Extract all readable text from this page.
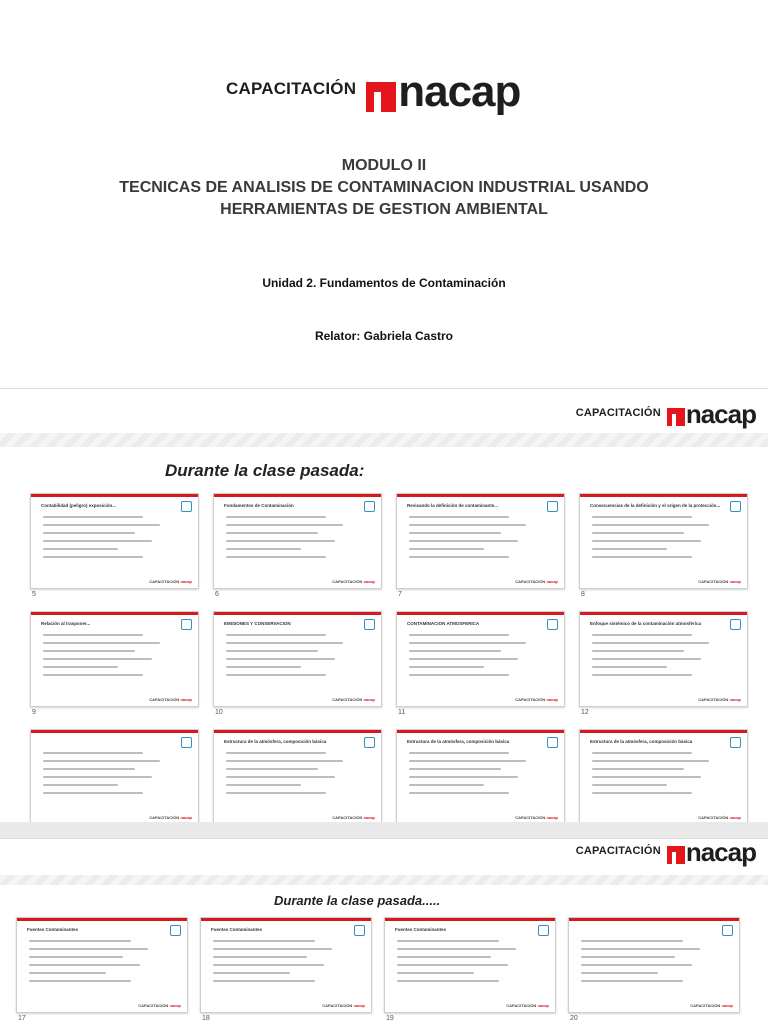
CAPACITACIÓN nacap
MODULO II
TECNICAS DE ANALISIS DE CONTAMINACION INDUSTRIAL USANDO
HERRAMIENTAS DE GESTION AMBIENTAL
Unidad 2. Fundamentos de Contaminación
Relator: Gabriela Castro
CAPACITACIÓN nacap
Durante la clase pasada:
Contabilidad (peligro) exposición...
CAPACITACIÓN nacap
5
Fundamentos de Contaminación
CAPACITACIÓN nacap
6
Revisando la definición de contaminante...
CAPACITACIÓN nacap
7
Consecuencias de la definición y el origen de la protección...
CAPACITACIÓN nacap
8
Relación al trasponer...
CAPACITACIÓN nacap
9
EMISIONES Y CONSERVACION
CAPACITACIÓN nacap
10
CONTAMINACION ATMOSFERICA
CAPACITACIÓN nacap
11
Enfoque sistémico de la contaminación atmosférica
CAPACITACIÓN nacap
12
CAPACITACIÓN nacap
Estructura de la atmósfera, composición básica
CAPACITACIÓN nacap
Estructura de la atmósfera, composición básica
CAPACITACIÓN nacap
Estructura de la atmósfera, composición básica
CAPACITACIÓN nacap
CAPACITACIÓN nacap
Durante la clase pasada.....
Fuentes Contaminantes
CAPACITACIÓN nacap
17
Fuentes Contaminantes
CAPACITACIÓN nacap
18
Fuentes Contaminantes
CAPACITACIÓN nacap
19
CAPACITACIÓN nacap
20
